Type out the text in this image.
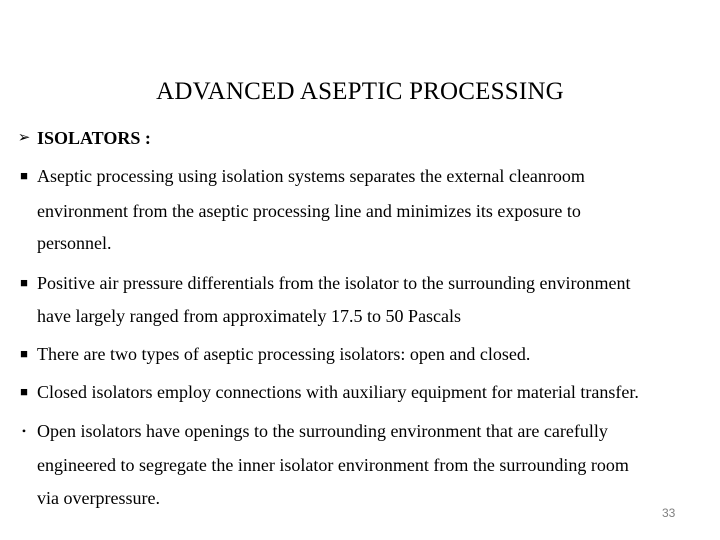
ADVANCED ASEPTIC PROCESSING
➢ ISOLATORS :
■ Aseptic processing using isolation systems separates the external cleanroom
environment from the aseptic processing line and minimizes its exposure to
personnel.
■ Positive air pressure differentials from the isolator to the surrounding environment
have largely ranged from approximately 17.5 to 50 Pascals
■ There are two types of aseptic processing isolators: open and closed.
■ Closed isolators employ connections with auxiliary equipment for material transfer.
• Open isolators have openings to the surrounding environment that are carefully
engineered to segregate the inner isolator environment from the surrounding room
via overpressure.
33
